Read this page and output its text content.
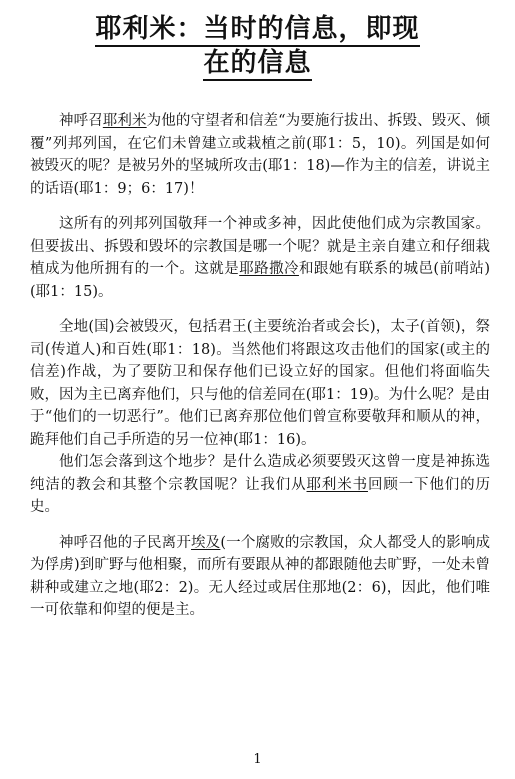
耶利米：当时的信息，即现
在的信息

神呼召耶利米为他的守望者和信差“为要施行拔出、拆毁、毁灭、倾覆”列邦列国，在它们未曾建立或栽植之前(耶1：5，10)。列国是如何被毁灭的呢？是被另外的坚城所攻击(耶1：18)—作为主的信差，讲说主的话语(耶1：9；6：17)！

这所有的列邦列国敬拜一个神或多神，因此使他们成为宗教国家。但要拔出、拆毁和毁坏的宗教国是哪一个呢？就是主亲自建立和仔细栽植成为他所拥有的一个。这就是耶路撒冷和跟她有联系的城邑(前哨站)(耶1：15)。

全地(国)会被毁灭，包括君王(主要统治者或会长)，太子(首领)，祭司(传道人)和百姓(耶1：18)。当然他们将跟这攻击他们的国家(或主的信差)作战，为了要防卫和保存他们已设立好的国家。但他们将面临失败，因为主已离弃他们，只与他的信差同在(耶1：19)。为什么呢？是由于“他们的一切恶行”。他们已离弃那位他们曾宣称要敬拜和顺从的神，跪拜他们自己手所造的另一位神(耶1：16)。

他们怎会落到这个地步？是什么造成必须要毁灭这曾一度是神拣选纯洁的教会和其整个宗教国呢？让我们从耶利米书回顾一下他们的历史。

神呼召他的子民离开埃及(一个腐败的宗教国，众人都受人的影响成为俘虏)到旷野与他相聚，而所有要跟从神的都跟随他去旷野，一处未曾耕种或建立之地(耶2：2)。无人经过或居住那地(2：6)，因此，他们唯一可依靠和仰望的便是主。

1
